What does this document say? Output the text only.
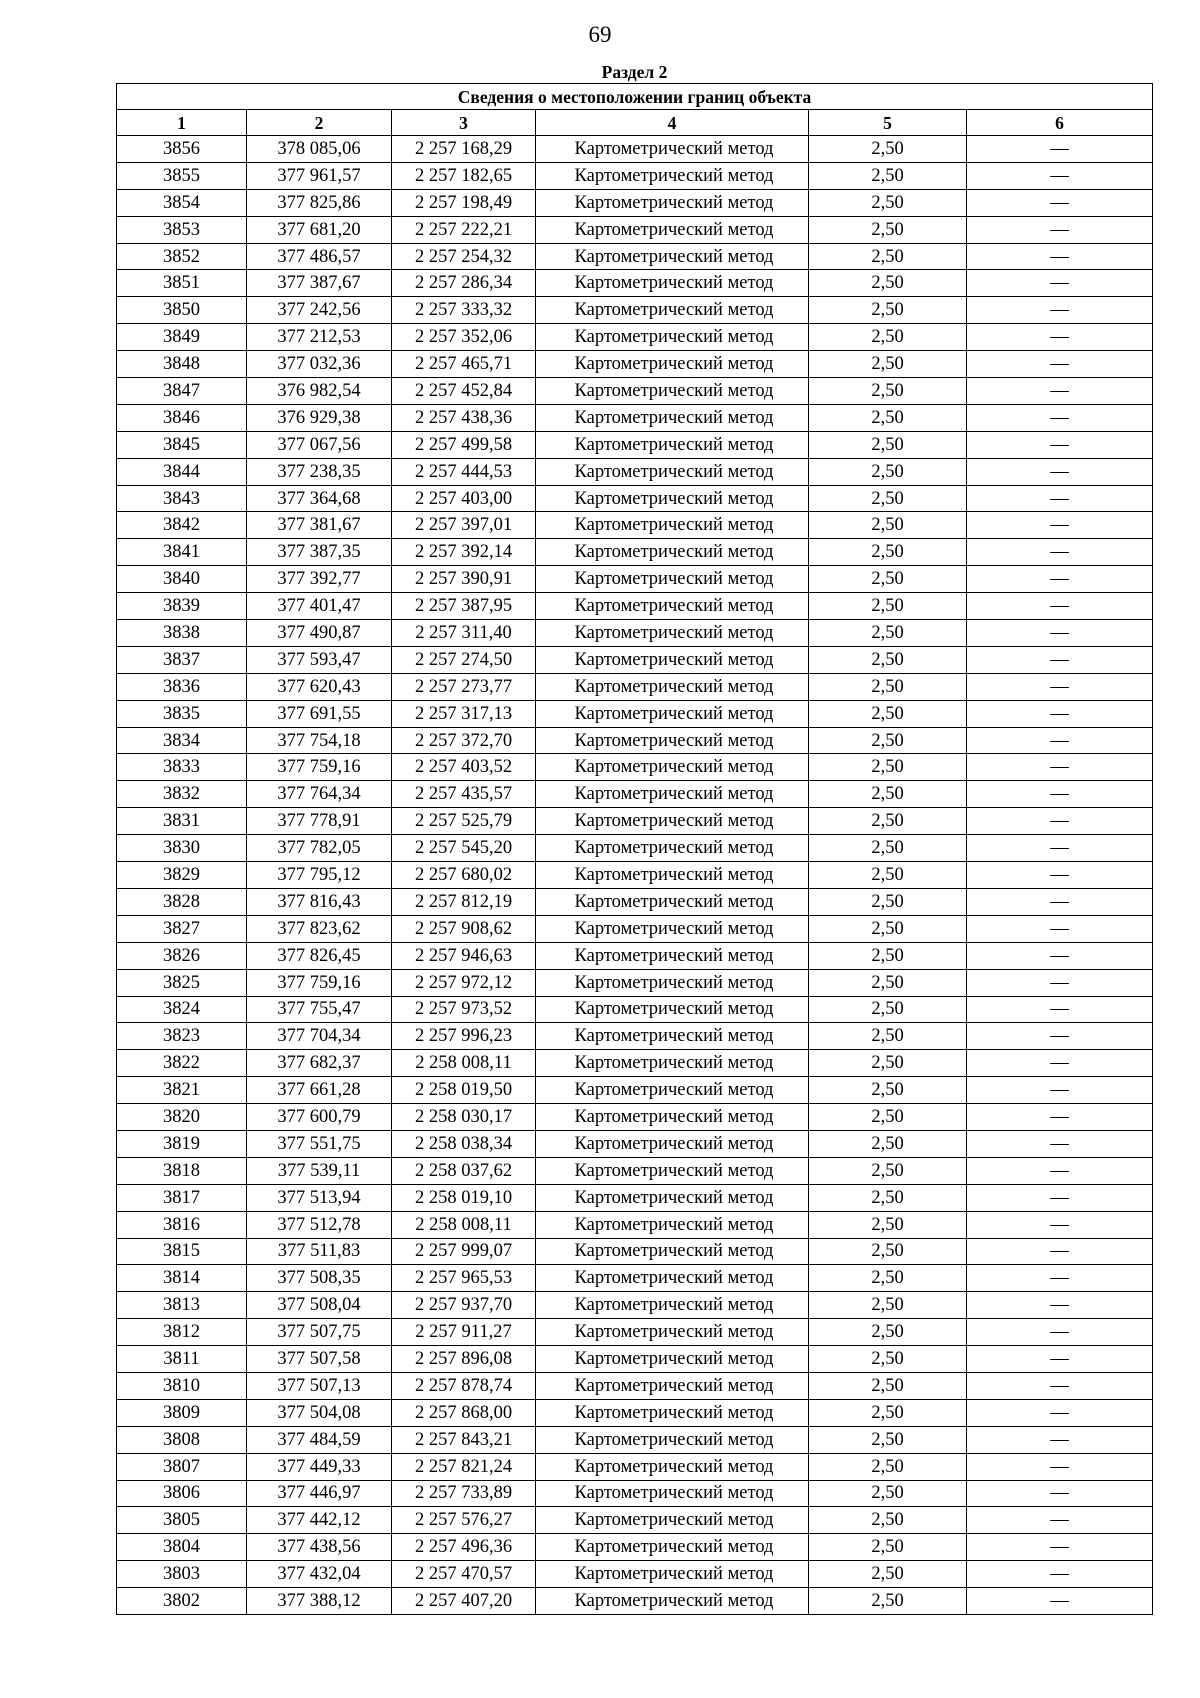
69
Раздел 2					
Сведения о местоположении границ объекта					
1	2	3	4	5	6
3856	378 085,06	2 257 168,29	Картометрический метод	2,50	—
3855	377 961,57	2 257 182,65	Картометрический метод	2,50	—
3854	377 825,86	2 257 198,49	Картометрический метод	2,50	—
3853	377 681,20	2 257 222,21	Картометрический метод	2,50	—
3852	377 486,57	2 257 254,32	Картометрический метод	2,50	—
3851	377 387,67	2 257 286,34	Картометрический метод	2,50	—
3850	377 242,56	2 257 333,32	Картометрический метод	2,50	—
3849	377 212,53	2 257 352,06	Картометрический метод	2,50	—
3848	377 032,36	2 257 465,71	Картометрический метод	2,50	—
3847	376 982,54	2 257 452,84	Картометрический метод	2,50	—
3846	376 929,38	2 257 438,36	Картометрический метод	2,50	—
3845	377 067,56	2 257 499,58	Картометрический метод	2,50	—
3844	377 238,35	2 257 444,53	Картометрический метод	2,50	—
3843	377 364,68	2 257 403,00	Картометрический метод	2,50	—
3842	377 381,67	2 257 397,01	Картометрический метод	2,50	—
3841	377 387,35	2 257 392,14	Картометрический метод	2,50	—
3840	377 392,77	2 257 390,91	Картометрический метод	2,50	—
3839	377 401,47	2 257 387,95	Картометрический метод	2,50	—
3838	377 490,87	2 257 311,40	Картометрический метод	2,50	—
3837	377 593,47	2 257 274,50	Картометрический метод	2,50	—
3836	377 620,43	2 257 273,77	Картометрический метод	2,50	—
3835	377 691,55	2 257 317,13	Картометрический метод	2,50	—
3834	377 754,18	2 257 372,70	Картометрический метод	2,50	—
3833	377 759,16	2 257 403,52	Картометрический метод	2,50	—
3832	377 764,34	2 257 435,57	Картометрический метод	2,50	—
3831	377 778,91	2 257 525,79	Картометрический метод	2,50	—
3830	377 782,05	2 257 545,20	Картометрический метод	2,50	—
3829	377 795,12	2 257 680,02	Картометрический метод	2,50	—
3828	377 816,43	2 257 812,19	Картометрический метод	2,50	—
3827	377 823,62	2 257 908,62	Картометрический метод	2,50	—
3826	377 826,45	2 257 946,63	Картометрический метод	2,50	—
3825	377 759,16	2 257 972,12	Картометрический метод	2,50	—
3824	377 755,47	2 257 973,52	Картометрический метод	2,50	—
3823	377 704,34	2 257 996,23	Картометрический метод	2,50	—
3822	377 682,37	2 258 008,11	Картометрический метод	2,50	—
3821	377 661,28	2 258 019,50	Картометрический метод	2,50	—
3820	377 600,79	2 258 030,17	Картометрический метод	2,50	—
3819	377 551,75	2 258 038,34	Картометрический метод	2,50	—
3818	377 539,11	2 258 037,62	Картометрический метод	2,50	—
3817	377 513,94	2 258 019,10	Картометрический метод	2,50	—
3816	377 512,78	2 258 008,11	Картометрический метод	2,50	—
3815	377 511,83	2 257 999,07	Картометрический метод	2,50	—
3814	377 508,35	2 257 965,53	Картометрический метод	2,50	—
3813	377 508,04	2 257 937,70	Картометрический метод	2,50	—
3812	377 507,75	2 257 911,27	Картометрический метод	2,50	—
3811	377 507,58	2 257 896,08	Картометрический метод	2,50	—
3810	377 507,13	2 257 878,74	Картометрический метод	2,50	—
3809	377 504,08	2 257 868,00	Картометрический метод	2,50	—
3808	377 484,59	2 257 843,21	Картометрический метод	2,50	—
3807	377 449,33	2 257 821,24	Картометрический метод	2,50	—
3806	377 446,97	2 257 733,89	Картометрический метод	2,50	—
3805	377 442,12	2 257 576,27	Картометрический метод	2,50	—
3804	377 438,56	2 257 496,36	Картометрический метод	2,50	—
3803	377 432,04	2 257 470,57	Картометрический метод	2,50	—
3802	377 388,12	2 257 407,20	Картометрический метод	2,50	—
